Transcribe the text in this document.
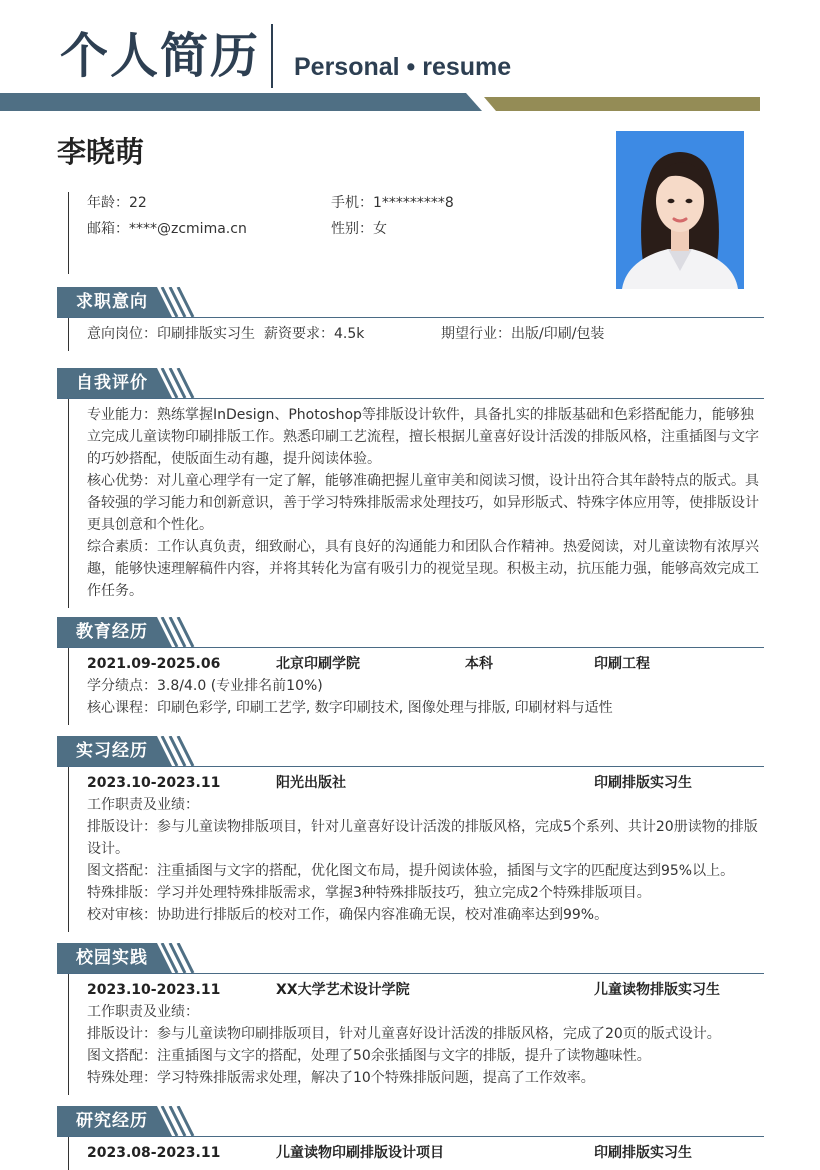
个人简历 Personal • resume
李晓萌
年龄：22	手机：1*********8
邮箱：****@zcmima.cn	性别：女
求职意向
意向岗位：印刷排版实习生 薪资要求：4.5k	期望行业：出版/印刷/包装
自我评价
专业能力：熟练掌握InDesign、Photoshop等排版设计软件，具备扎实的排版基础和色彩搭配能力，能够独立完成儿童读物印刷排版工作。熟悉印刷工艺流程，擅长根据儿童喜好设计活泼的排版风格，注重插图与文字的巧妙搭配，使版面生动有趣，提升阅读体验。
核心优势：对儿童心理学有一定了解，能够准确把握儿童审美和阅读习惯，设计出符合其年龄特点的版式。具备较强的学习能力和创新意识，善于学习特殊排版需求处理技巧，如异形版式、特殊字体应用等，使排版设计更具创意和个性化。
综合素质：工作认真负责，细致耐心，具有良好的沟通能力和团队合作精神。热爱阅读，对儿童读物有浓厚兴趣，能够快速理解稿件内容，并将其转化为富有吸引力的视觉呈现。积极主动，抗压能力强，能够高效完成工作任务。
教育经历
2021.09-2025.06	北京印刷学院	本科	印刷工程
学分绩点：3.8/4.0 (专业排名前10%)
核心课程：印刷色彩学, 印刷工艺学, 数字印刷技术, 图像处理与排版, 印刷材料与适性
实习经历
2023.10-2023.11	阳光出版社	印刷排版实习生
工作职责及业绩：
排版设计：参与儿童读物排版项目，针对儿童喜好设计活泼的排版风格，完成5个系列、共计20册读物的排版设计。
图文搭配：注重插图与文字的搭配，优化图文布局，提升阅读体验，插图与文字的匹配度达到95%以上。
特殊排版：学习并处理特殊排版需求，掌握3种特殊排版技巧，独立完成2个特殊排版项目。
校对审核：协助进行排版后的校对工作，确保内容准确无误，校对准确率达到99%。
校园实践
2023.10-2023.11	XX大学艺术设计学院	儿童读物排版实习生
工作职责及业绩：
排版设计：参与儿童读物印刷排版项目，针对儿童喜好设计活泼的排版风格，完成了20页的版式设计。
图文搭配：注重插图与文字的搭配，处理了50余张插图与文字的排版，提升了读物趣味性。
特殊处理：学习特殊排版需求处理，解决了10个特殊排版问题，提高了工作效率。
研究经历
2023.08-2023.11	儿童读物印刷排版设计项目	印刷排版实习生
